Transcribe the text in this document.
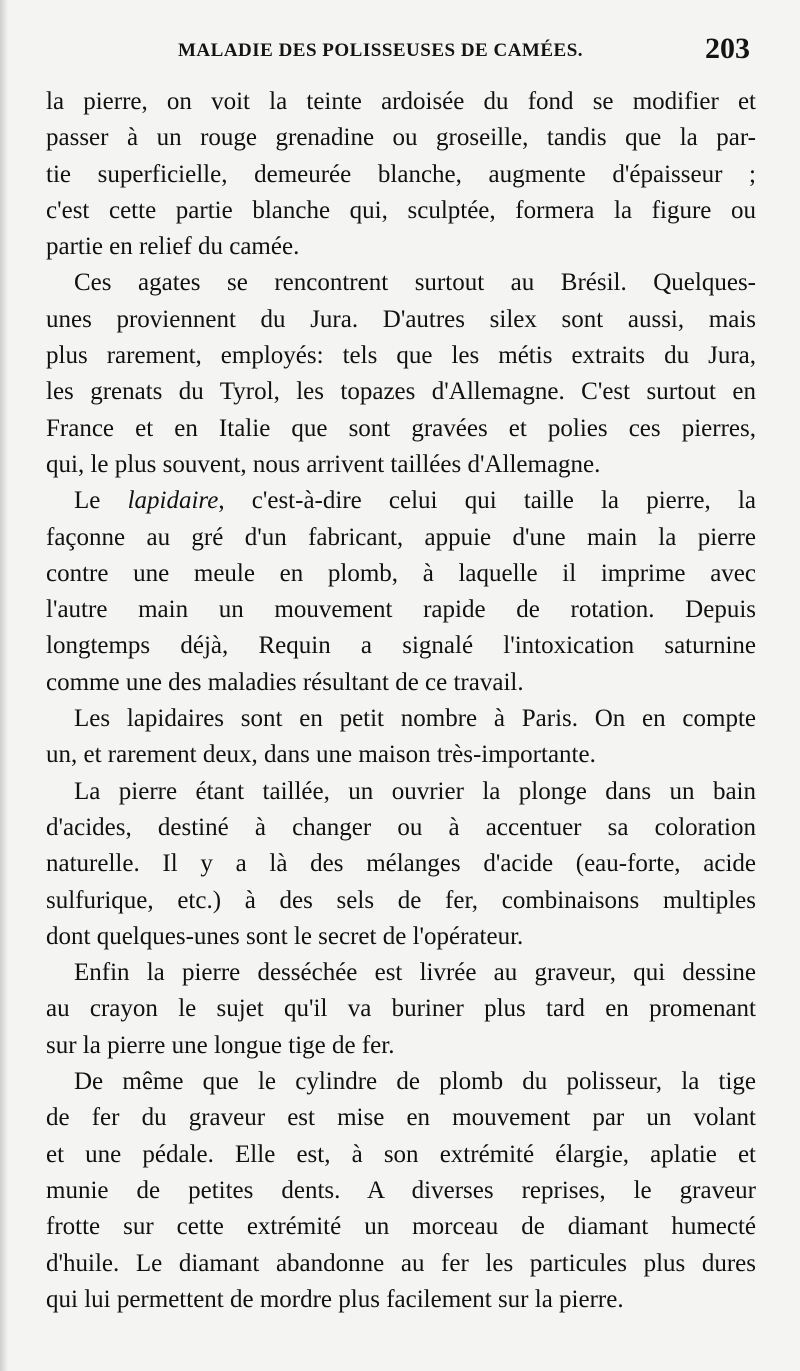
MALADIE DES POLISSEUSES DE CAMÉES.	203
la pierre, on voit la teinte ardoisée du fond se modifier et
passer à un rouge grenadine ou groseille, tandis que la par-
tie superficielle, demeurée blanche, augmente d'épaisseur ;
c'est cette partie blanche qui, sculptée, formera la figure ou
partie en relief du camée.
Ces agates se rencontrent surtout au Brésil. Quelques-
unes proviennent du Jura. D'autres silex sont aussi, mais
plus rarement, employés: tels que les métis extraits du Jura,
les grenats du Tyrol, les topazes d'Allemagne. C'est surtout en
France et en Italie que sont gravées et polies ces pierres,
qui, le plus souvent, nous arrivent taillées d'Allemagne.
Le lapidaire, c'est-à-dire celui qui taille la pierre, la
façonne au gré d'un fabricant, appuie d'une main la pierre
contre une meule en plomb, à laquelle il imprime avec
l'autre main un mouvement rapide de rotation. Depuis
longtemps déjà, Requin a signalé l'intoxication saturnine
comme une des maladies résultant de ce travail.
Les lapidaires sont en petit nombre à Paris. On en compte
un, et rarement deux, dans une maison très-importante.
La pierre étant taillée, un ouvrier la plonge dans un bain
d'acides, destiné à changer ou à accentuer sa coloration
naturelle. Il y a là des mélanges d'acide (eau-forte, acide
sulfurique, etc.) à des sels de fer, combinaisons multiples
dont quelques-unes sont le secret de l'opérateur.
Enfin la pierre desséchée est livrée au graveur, qui dessine
au crayon le sujet qu'il va buriner plus tard en promenant
sur la pierre une longue tige de fer.
De même que le cylindre de plomb du polisseur, la tige
de fer du graveur est mise en mouvement par un volant
et une pédale. Elle est, à son extrémité élargie, aplatie et
munie de petites dents. A diverses reprises, le graveur
frotte sur cette extrémité un morceau de diamant humecté
d'huile. Le diamant abandonne au fer les particules plus dures
qui lui permettent de mordre plus facilement sur la pierre.
